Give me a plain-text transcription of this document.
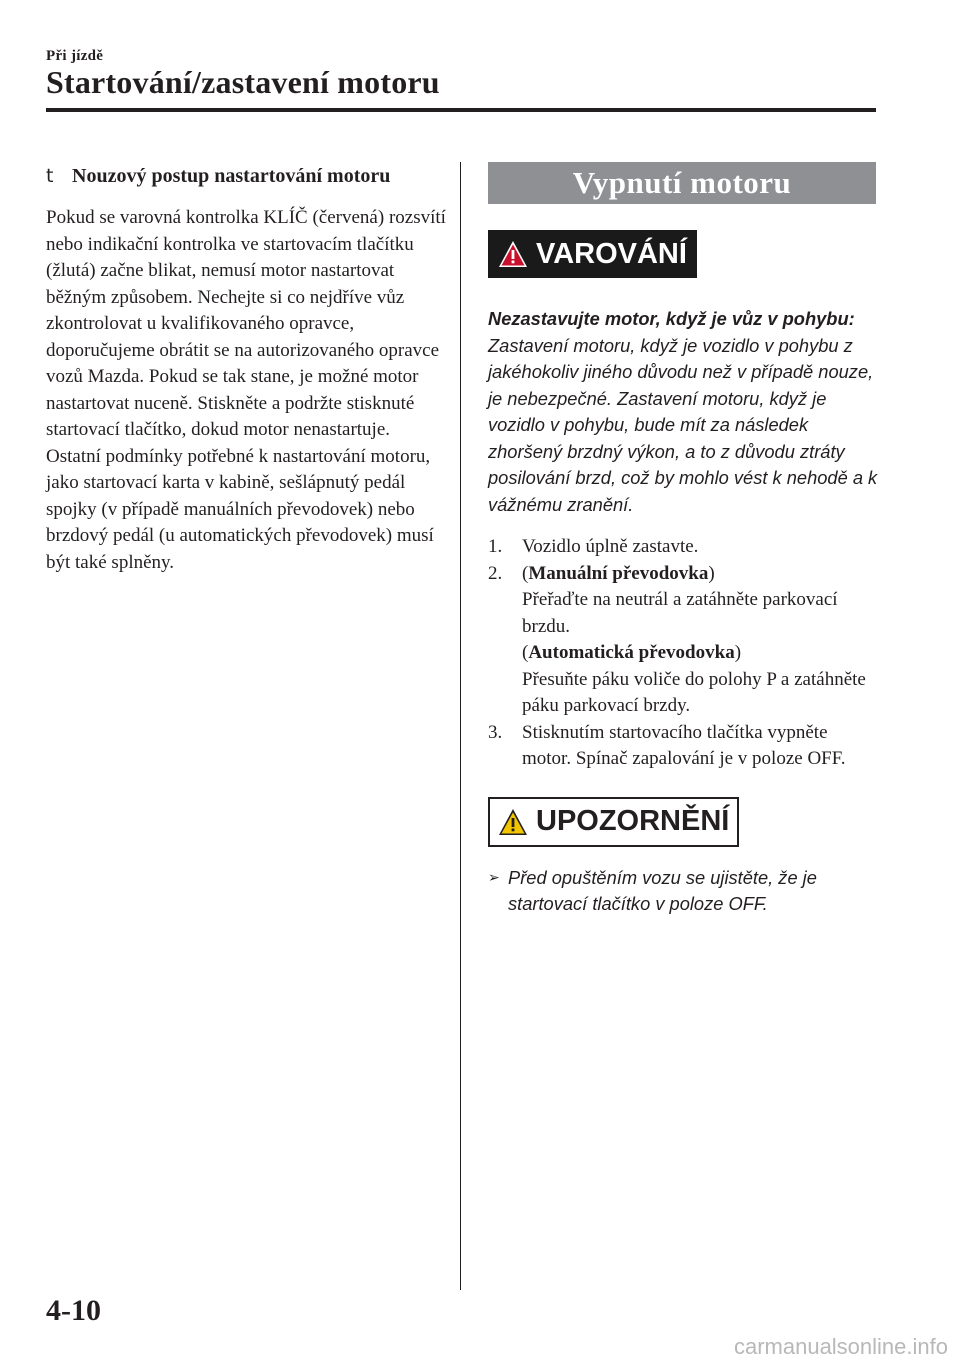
Při jízdě
Startování/zastavení motoru
t Nouzový postup nastartování motoru

Pokud se varovná kontrolka KLÍČ (červená) rozsvítí nebo indikační kontrolka ve startovacím tlačítku (žlutá) začne blikat, nemusí motor nastartovat běžným způsobem. Nechejte si co nejdříve vůz zkontrolovat u kvalifikovaného opravce, doporučujeme obrátit se na autorizovaného opravce vozů Mazda. Pokud se tak stane, je možné motor nastartovat nuceně. Stiskněte a podržte stisknuté startovací tlačítko, dokud motor nenastartuje. Ostatní podmínky potřebné k nastartování motoru, jako startovací karta v kabině, sešlápnutý pedál spojky (v případě manuálních převodovek) nebo brzdový pedál (u automatických převodovek) musí být také splněny.

Vypnutí motoru
VAROVÁNÍ

Nezastavujte motor, když je vůz v pohybu:
Zastavení motoru, když je vozidlo v pohybu z jakéhokoliv jiného důvodu než v případě nouze, je nebezpečné. Zastavení motoru, když je vozidlo v pohybu, bude mít za následek zhoršený brzdný výkon, a to z důvodu ztráty posilování brzd, což by mohlo vést k nehodě a k vážnému zranění.

1. Vozidlo úplně zastavte.
2. (Manuální převodovka)
Přeřaďte na neutrál a zatáhněte parkovací brzdu.
(Automatická převodovka)
Přesuňte páku voliče do polohy P a zatáhněte páku parkovací brzdy.
3. Stisknutím startovacího tlačítka vypněte motor. Spínač zapalování je v poloze OFF.
UPOZORNĚNÍ

➢ Před opuštěním vozu se ujistěte, že je startovací tlačítko v poloze OFF.

4-10
carmanualsonline.info
